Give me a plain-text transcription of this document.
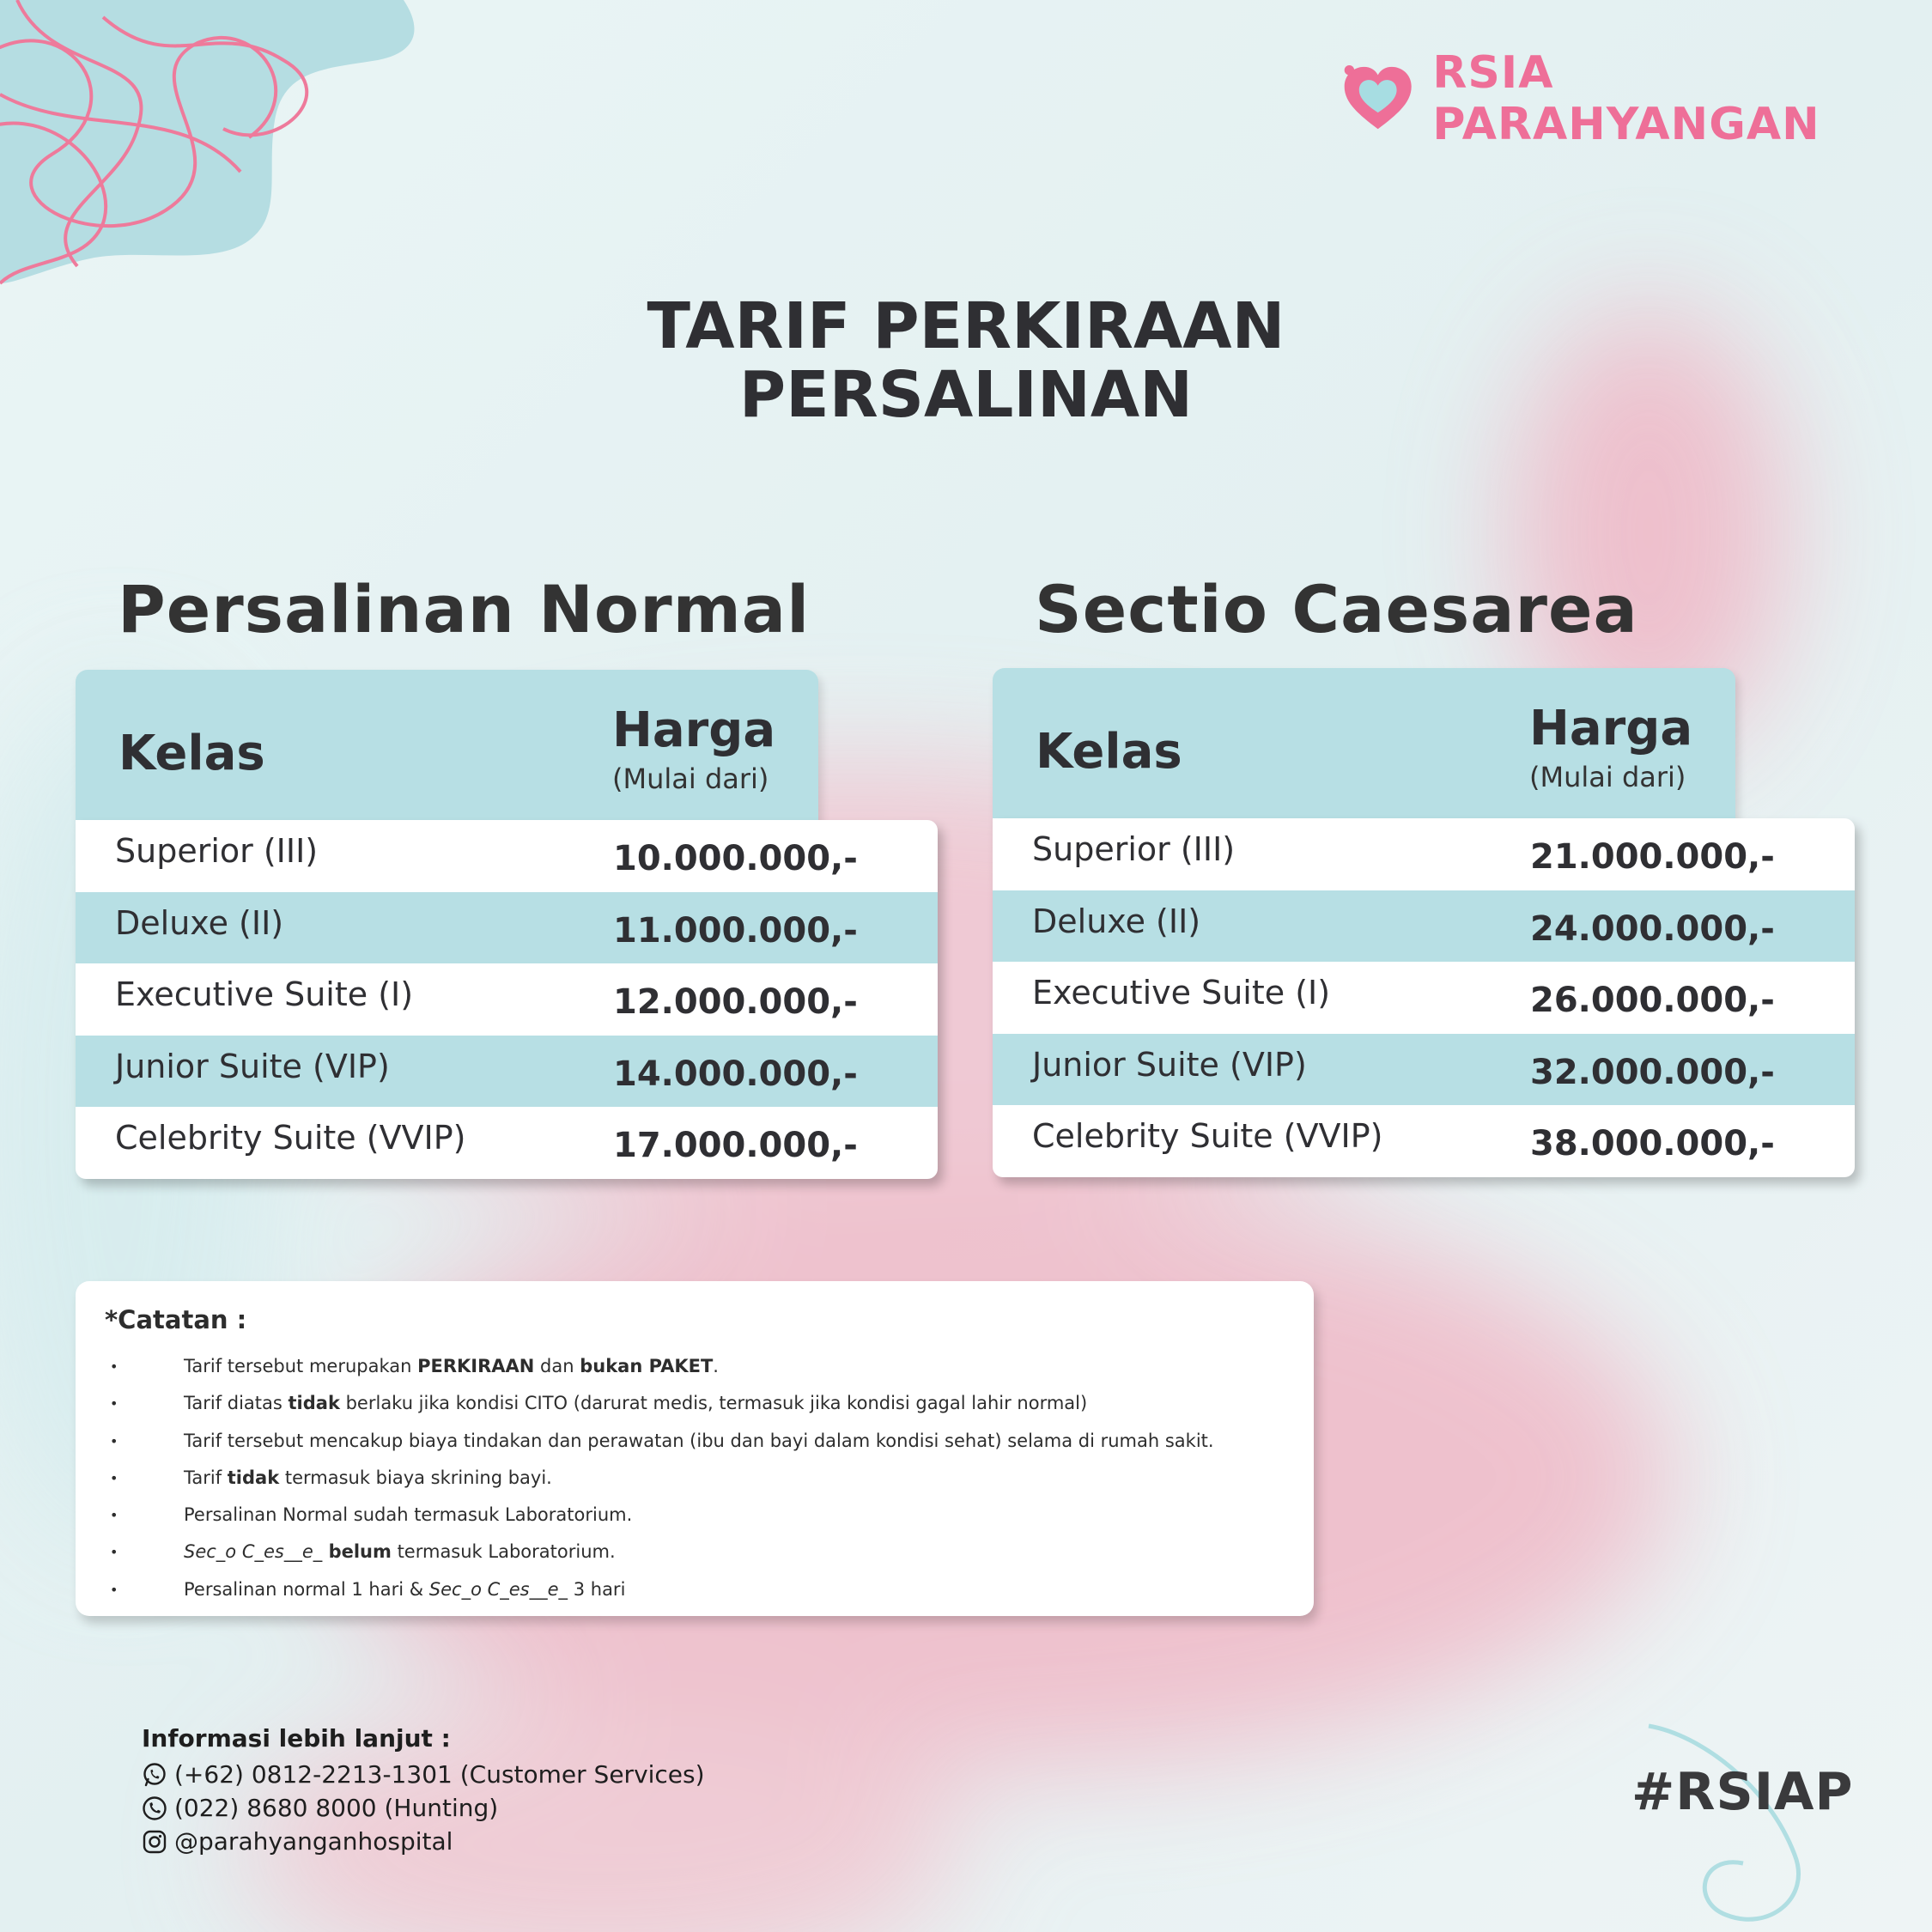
RSIA PARAHYANGAN
TARIF PERKIRAAN
PERSALINAN
Persalinan Normal
Kelas	Harga
(Mulai dari)
Superior (III)	10.000.000,-
Deluxe (II)	11.000.000,-
Executive Suite (I)	12.000.000,-
Junior Suite (VIP)	14.000.000,-
Celebrity Suite (VVIP)	17.000.000,-
Sectio Caesarea
Kelas	Harga
(Mulai dari)
Superior (III)	21.000.000,-
Deluxe (II)	24.000.000,-
Executive Suite (I)	26.000.000,-
Junior Suite (VIP)	32.000.000,-
Celebrity Suite (VVIP)	38.000.000,-
*Catatan :
• Tarif tersebut merupakan PERKIRAAN dan bukan PAKET.
• Tarif diatas tidak berlaku jika kondisi CITO (darurat medis, termasuk jika kondisi gagal lahir normal)
• Tarif tersebut mencakup biaya tindakan dan perawatan (ibu dan bayi dalam kondisi sehat) selama di rumah sakit.
• Tarif tidak termasuk biaya skrining bayi.
• Persalinan Normal sudah termasuk Laboratorium.
• Sec_o C_es__e_ belum termasuk Laboratorium.
• Persalinan normal 1 hari & Sec_o C_es__e_ 3 hari
Informasi lebih lanjut :
(+62) 0812-2213-1301 (Customer Services)
(022) 8680 8000 (Hunting)
@parahyanganhospital
#RSIAP
